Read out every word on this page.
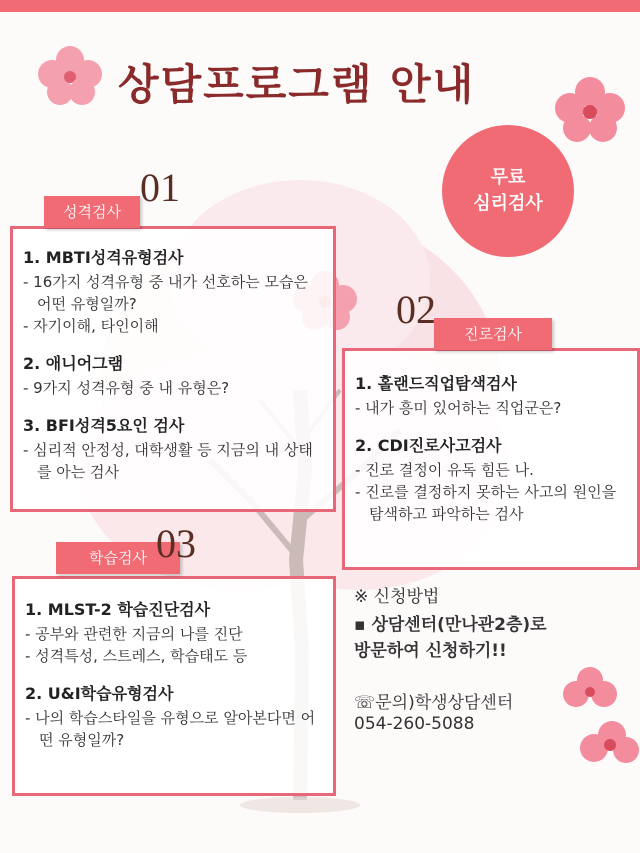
상담프로그램 안내
무료
심리검사

1. MBTI성격유형검사

- 16가지 성격유형 중 내가 선호하는 모습은 어떤 유형일까?

- 자기이해, 타인이해

2. 애니어그램

- 9가지 성격유형 중 내 유형은?

3. BFI성격5요인 검사

- 심리적 안정성, 대학생활 등 지금의 내 상태를 아는 검사

성격검사
01

1. 홀랜드직업탐색검사

- 내가 흥미 있어하는 직업군은?

2. CDI진로사고검사

- 진로 결정이 유독 힘든 나.

- 진로를 결정하지 못하는 사고의 원인을 탐색하고 파악하는 검사

진로검사
02

1. MLST-2 학습진단검사

- 공부와 관련한 지금의 나를 진단

- 성격특성, 스트레스, 학습태도 등

2. U&I학습유형검사

- 나의 학습스타일을 유형으로 알아본다면 어떤 유형일까?

학습검사 03
※ 신청방법
▪ 상담센터(만나관2층)로
방문하여 신청하기!!
☏문의)학생상담센터
054-260-5088
